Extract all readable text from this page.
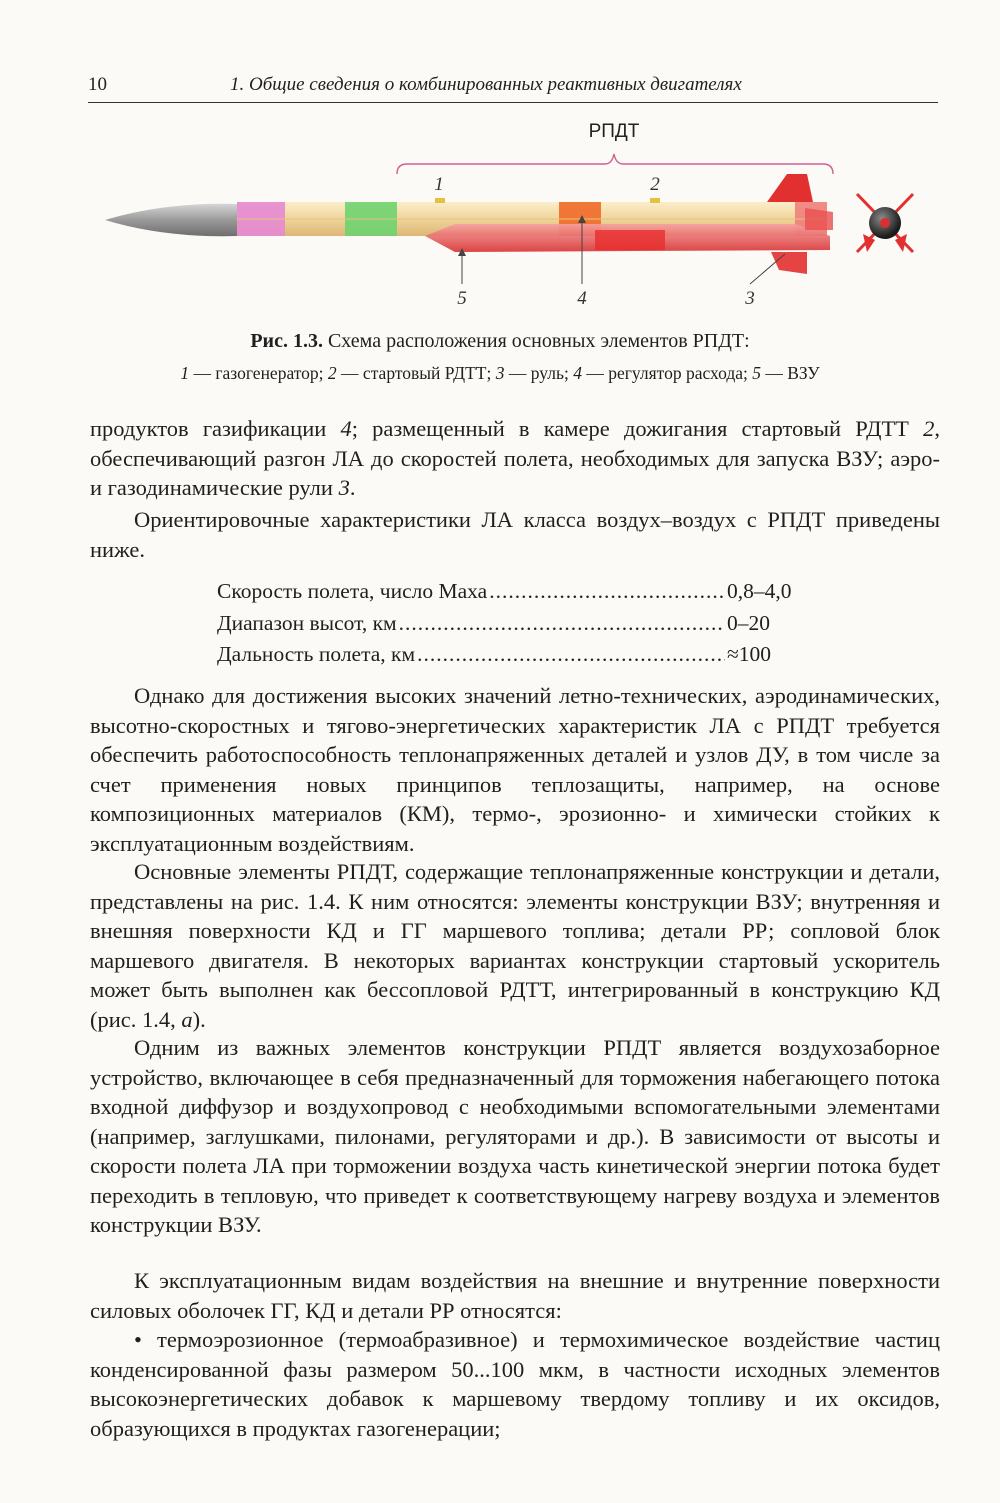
10	1. Общие сведения о комбинированных реактивных двигателях
РПДТ
1	2
5	4	3
Рис. 1.3. Схема расположения основных элементов РПДТ:
1 — газогенератор; 2 — стартовый РДТТ; 3 — руль; 4 — регулятор расхода; 5 — ВЗУ

продуктов газификации 4; размещенный в камере дожигания стартовый РДТТ 2, обеспечивающий разгон ЛА до скоростей полета, необходимых для запуска ВЗУ; аэро- и газодинамические рули 3.

Ориентировочные характеристики ЛА класса воздух–воздух с РПДТ приведены ниже.

Скорость полета, число Маха .....	0,8–4,0
Диапазон высот, км .....	0–20
Дальность полета, км .....	≈100

Однако для достижения высоких значений летно-технических, аэродинамических, высотно-скоростных и тягово-энергетических характеристик ЛА с РПДТ требуется обеспечить работоспособность теплонапряженных деталей и узлов ДУ, в том числе за счет применения новых принципов теплозащиты, например, на основе композиционных материалов (КМ), термо-, эрозионно- и химически стойких к эксплуатационным воздействиям.

Основные элементы РПДТ, содержащие теплонапряженные конструкции и детали, представлены на рис. 1.4. К ним относятся: элементы конструкции ВЗУ; внутренняя и внешняя поверхности КД и ГГ маршевого топлива; детали РР; сопловой блок маршевого двигателя. В некоторых вариантах конструкции стартовый ускоритель может быть выполнен как бессопловой РДТТ, интегрированный в конструкцию КД (рис. 1.4, а).

Одним из важных элементов конструкции РПДТ является воздухозаборное устройство, включающее в себя предназначенный для торможения набегающего потока входной диффузор и воздухопровод с необходимыми вспомогательными элементами (например, заглушками, пилонами, регуляторами и др.). В зависимости от высоты и скорости полета ЛА при торможении воздуха часть кинетической энергии потока будет переходить в тепловую, что приведет к соответствующему нагреву воздуха и элементов конструкции ВЗУ.

К эксплуатационным видам воздействия на внешние и внутренние поверхности силовых оболочек ГГ, КД и детали РР относятся:

• термоэрозионное (термоабразивное) и термохимическое воздействие частиц конденсированной фазы размером 50...100 мкм, в частности исходных элементов высокоэнергетических добавок к маршевому твердому топливу и их оксидов, образующихся в продуктах газогенерации;
